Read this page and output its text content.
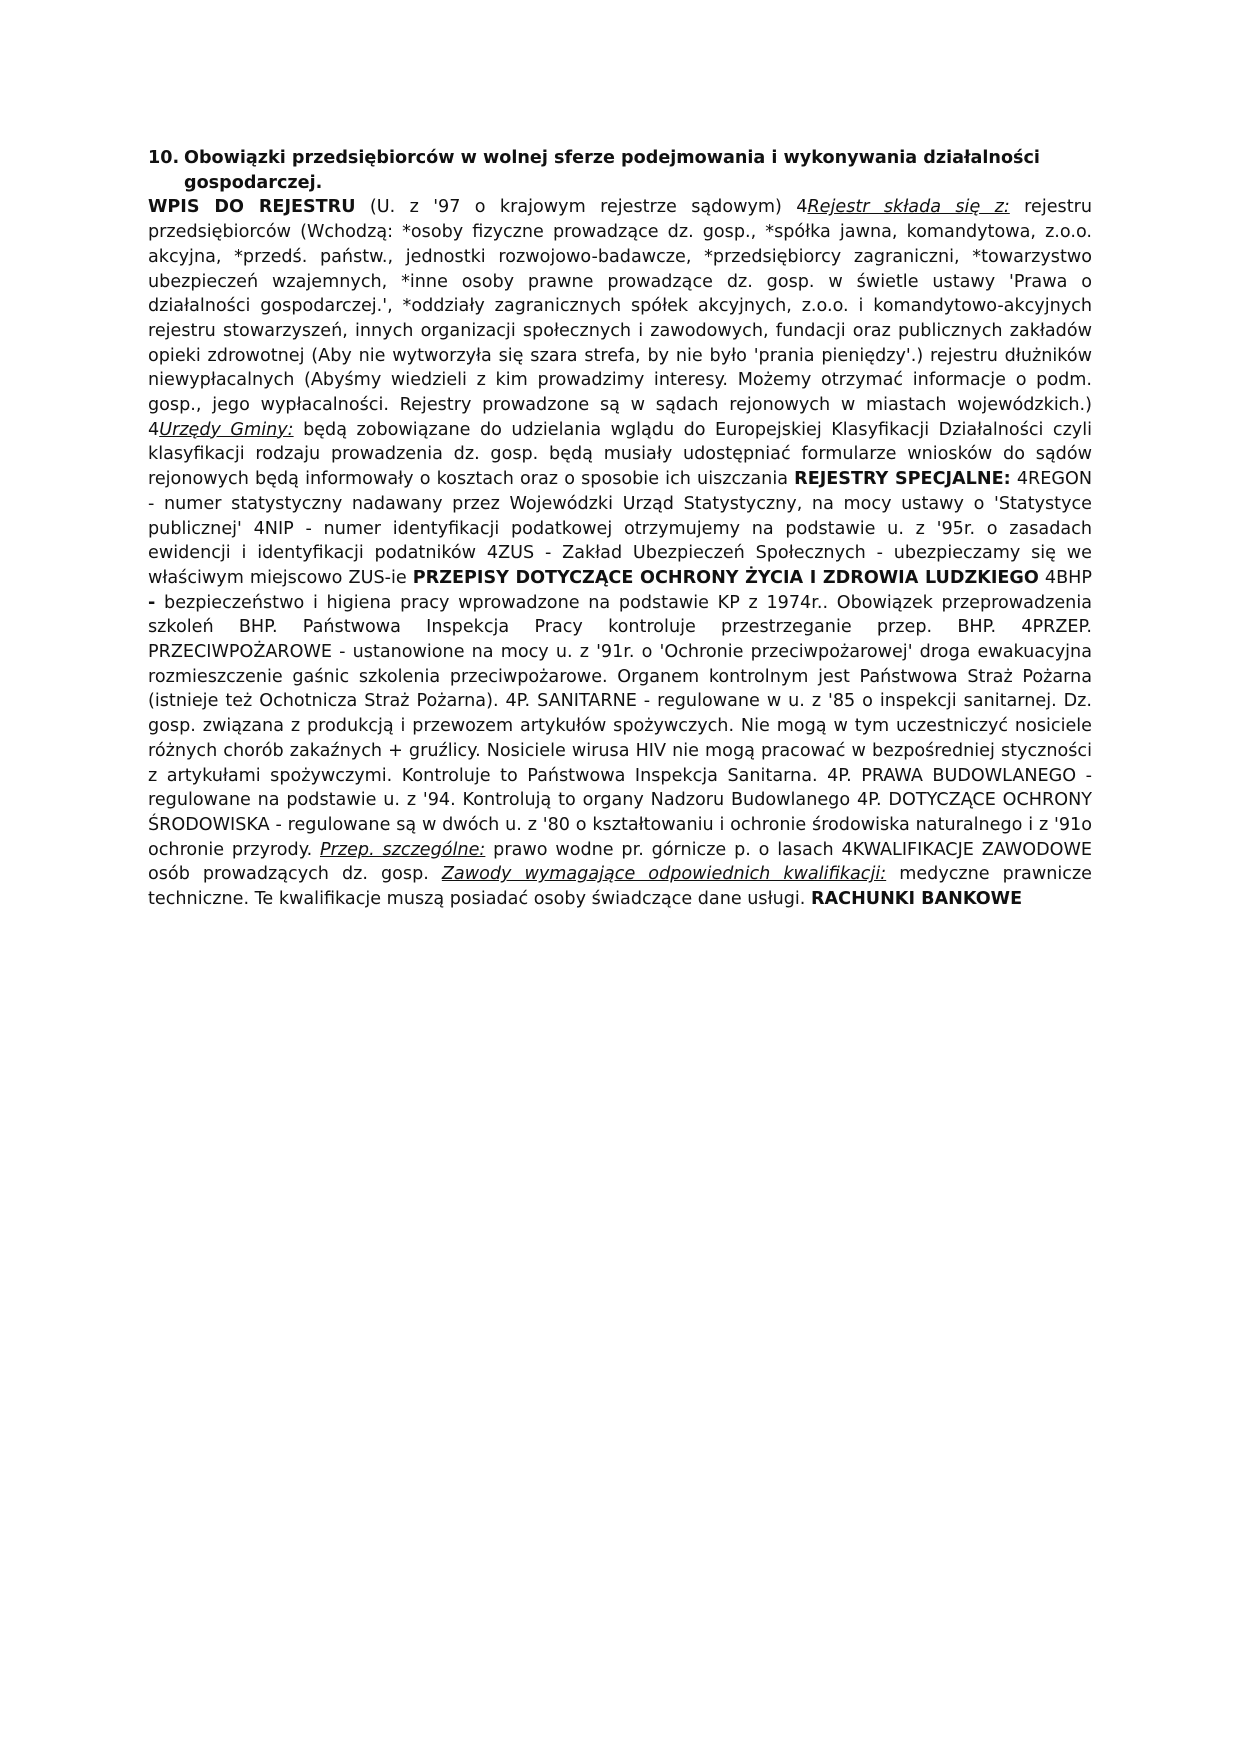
10. Obowiązki przedsiębiorców w wolnej sferze podejmowania i wykonywania działalności
gospodarczej.

WPIS DO REJESTRU (U. z '97 o krajowym rejestrze sądowym) 4Rejestr składa się z: rejestru przedsiębiorców (Wchodzą: *osoby fizyczne prowadzące dz. gosp., *spółka jawna, komandytowa, z.o.o. akcyjna, *przedś. państw., jednostki rozwojowo-badawcze, *przedsiębiorcy zagraniczni, *towarzystwo ubezpieczeń wzajemnych, *inne osoby prawne prowadzące dz. gosp. w świetle ustawy 'Prawa o działalności gospodarczej.', *oddziały zagranicznych spółek akcyjnych, z.o.o. i komandytowo-akcyjnych rejestru stowarzyszeń, innych organizacji społecznych i zawodowych, fundacji oraz publicznych zakładów opieki zdrowotnej (Aby nie wytworzyła się szara strefa, by nie było 'prania pieniędzy'.) rejestru dłużników niewypłacalnych (Abyśmy wiedzieli z kim prowadzimy interesy. Możemy otrzymać informacje o podm. gosp., jego wypłacalności. Rejestry prowadzone są w sądach rejonowych w miastach wojewódzkich.) 4Urzędy Gminy: będą zobowiązane do udzielania wglądu do Europejskiej Klasyfikacji Działalności czyli klasyfikacji rodzaju prowadzenia dz. gosp. będą musiały udostępniać formularze wniosków do sądów rejonowych będą informowały o kosztach oraz o sposobie ich uiszczania REJESTRY SPECJALNE: 4REGON - numer statystyczny nadawany przez Wojewódzki Urząd Statystyczny, na mocy ustawy o 'Statystyce publicznej' 4NIP - numer identyfikacji podatkowej otrzymujemy na podstawie u. z '95r. o zasadach ewidencji i identyfikacji podatników 4ZUS - Zakład Ubezpieczeń Społecznych - ubezpieczamy się we właściwym miejscowo ZUS-ie PRZEPISY DOTYCZĄCE OCHRONY ŻYCIA I ZDROWIA LUDZKIEGO 4BHP - bezpieczeństwo i higiena pracy wprowadzone na podstawie KP z 1974r.. Obowiązek przeprowadzenia szkoleń BHP. Państwowa Inspekcja Pracy kontroluje przestrzeganie przep. BHP. 4PRZEP. PRZECIWPOŻAROWE - ustanowione na mocy u. z '91r. o 'Ochronie przeciwpożarowej' droga ewakuacyjna rozmieszczenie gaśnic szkolenia przeciwpożarowe. Organem kontrolnym jest Państwowa Straż Pożarna (istnieje też Ochotnicza Straż Pożarna). 4P. SANITARNE - regulowane w u. z '85 o inspekcji sanitarnej. Dz. gosp. związana z produkcją i przewozem artykułów spożywczych. Nie mogą w tym uczestniczyć nosiciele różnych chorób zakaźnych + gruźlicy. Nosiciele wirusa HIV nie mogą pracować w bezpośredniej styczności z artykułami spożywczymi. Kontroluje to Państwowa Inspekcja Sanitarna. 4P. PRAWA BUDOWLANEGO - regulowane na podstawie u. z '94. Kontrolują to organy Nadzoru Budowlanego 4P. DOTYCZĄCE OCHRONY ŚRODOWISKA - regulowane są w dwóch u. z '80 o kształtowaniu i ochronie środowiska naturalnego i z '91o ochronie przyrody. Przep. szczególne: prawo wodne pr. górnicze p. o lasach 4KWALIFIKACJE ZAWODOWE osób prowadzących dz. gosp. Zawody wymagające odpowiednich kwalifikacji: medyczne prawnicze techniczne. Te kwalifikacje muszą posiadać osoby świadczące dane usługi. RACHUNKI BANKOWE
